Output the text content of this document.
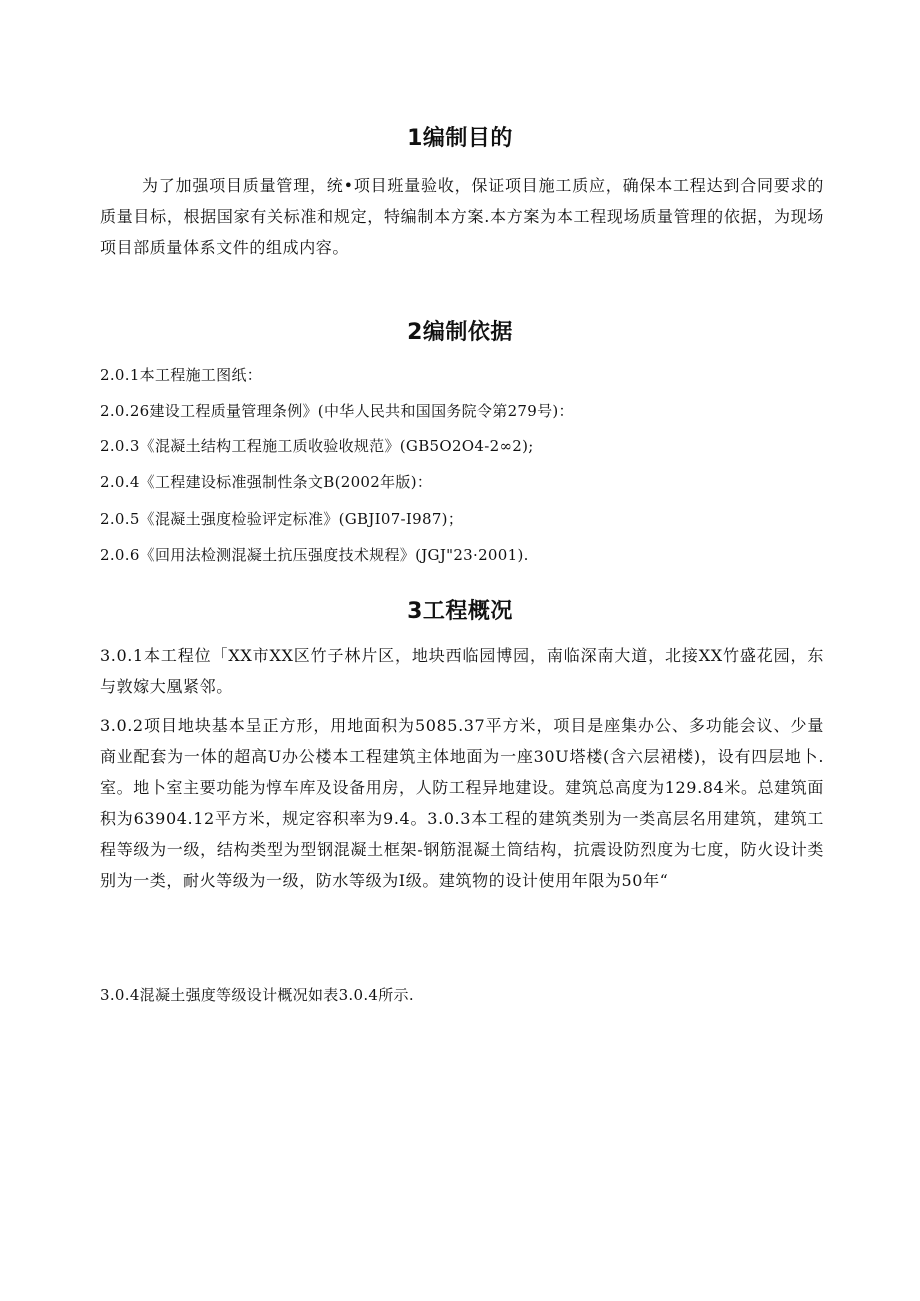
1编制目的

为了加强项目质量管理，统•项目班量验收，保证项目施工质应，确保本工程达到合同要求的质量目标，根据国家有关标准和规定，特编制本方案.本方案为本工程现场质量管理的依据，为现场项目部质量体系文件的组成内容。

2编制依据

2.0.1本工程施工图纸：

2.0.26建设工程质量管理条例》(中华人民共和国国务院令第279号)：

2.0.3《混凝土结构工程施工质收验收规范》(GB5O2O4-2∞2);

2.0.4《工程建设标准强制性条文B(2002年版)：

2.0.5《混凝土强度检验评定标准》(GBJI07-I987)；

2.0.6《回用法检测混凝土抗压强度技术规程》(JGJ"23·2001).

3工程概况

3.0.1本工程位「XX市XX区竹子林片区，地块西临园博园，南临深南大道，北接XX竹盛花园，东与敦嫁大凰紧邻。

3.0.2项目地块基本呈正方形，用地面积为5085.37平方米，项目是座集办公、多功能会议、少量商业配套为一体的超高U办公楼本工程建筑主体地面为一座30U塔楼(含六层裙楼)，设有四层地卜.室。地卜室主要功能为惇车库及设备用房，人防工程异地建设。建筑总高度为129.84米。总建筑面积为63904.12平方米，规定容积率为9.4。3.0.3本工程的建筑类别为一类高层名用建筑，建筑工程等级为一级，结构类型为型钢混凝土框架-钢筋混凝土筒结构，抗震设防烈度为七度，防火设计类别为一类，耐火等级为一级，防水等级为I级。建筑物的设计使用年限为50年“

3.0.4混凝土强度等级设计概况如表3.0.4所示.
